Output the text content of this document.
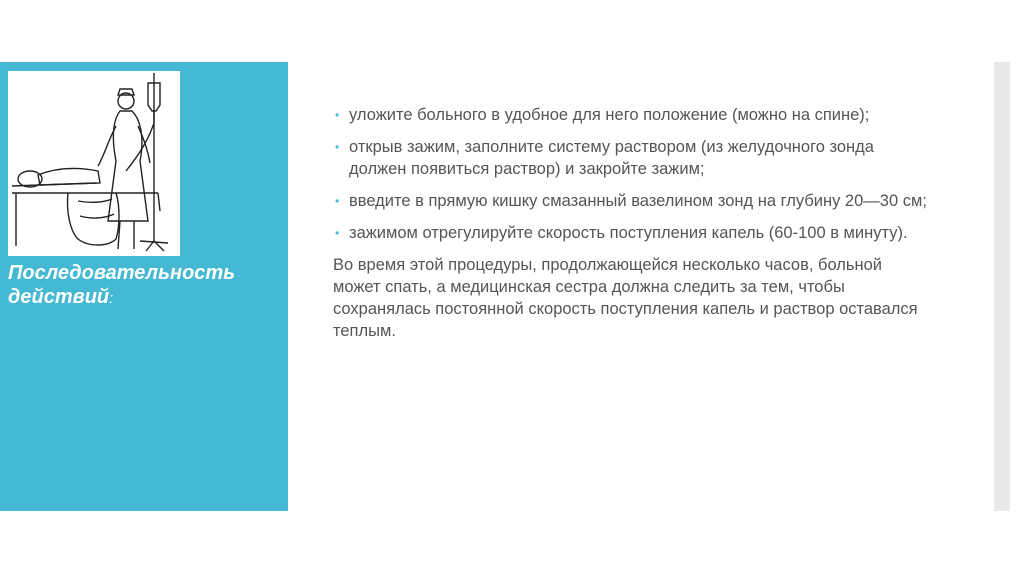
Последовательность действий:
• уложите больного в удобное для него положение (можно на спине);
• открыв зажим, заполните систему раствором (из желудочного зонда должен появиться раствор) и закройте зажим;
• введите в прямую кишку смазанный вазелином зонд на глубину 20—30 см;
• зажимом отрегулируйте скорость поступления капель (60-100 в минуту).
Во время этой процедуры, продолжающейся несколько часов, больной может спать, а медицинская сестра должна следить за тем, чтобы сохранялась постоянной скорость поступления капель и раствор оставался теплым.
